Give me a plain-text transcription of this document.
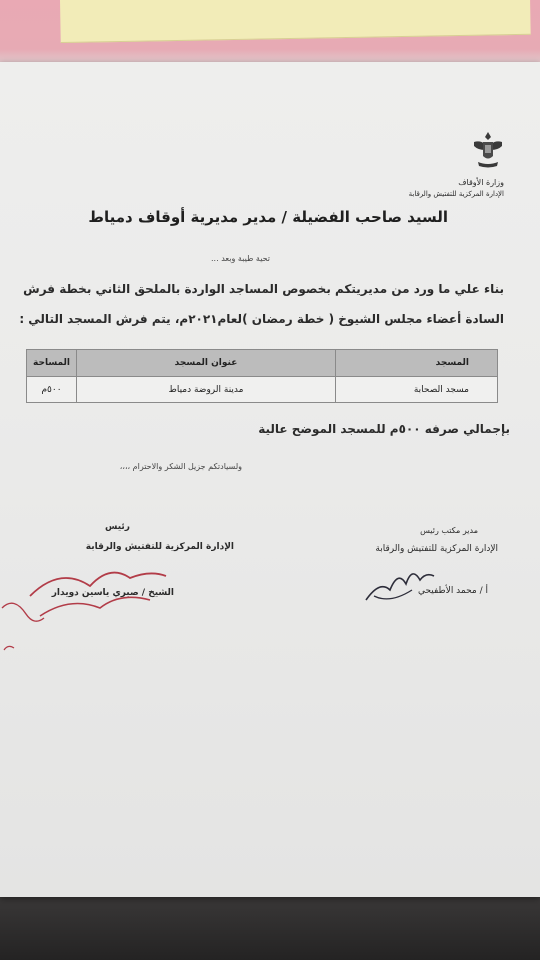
وزارة الأوقاف
الإدارة المركزية للتفتيش والرقابة
السيد صاحب الفضيلة / مدير مديرية أوقاف دمياط
تحية طيبة وبعد ...
بناء علي ما ورد من مديريتكم بخصوص المساجد الواردة بالملحق الثاني بخطة فرش
السادة أعضاء مجلس الشيوخ ( خطة رمضان )لعام٢٠٢١م، يتم فرش المسجد التالي :
المسجد	عنوان المسجد	المساحة
مسجد الصحابة	مدينة الروضة دمياط	٥٠٠م
بإجمالي صرفه ٥٠٠م للمسجد الموضح عالية
ولسيادتكم جزيل الشكر والاحترام ،،،،
مدير مكتب رئيس
الإدارة المركزية للتفتيش والرقابة
أ / محمد الأطفيحي
رئيس
الإدارة المركزية للتفتيش والرقابة
الشيخ / صبري ياسين دويدار
